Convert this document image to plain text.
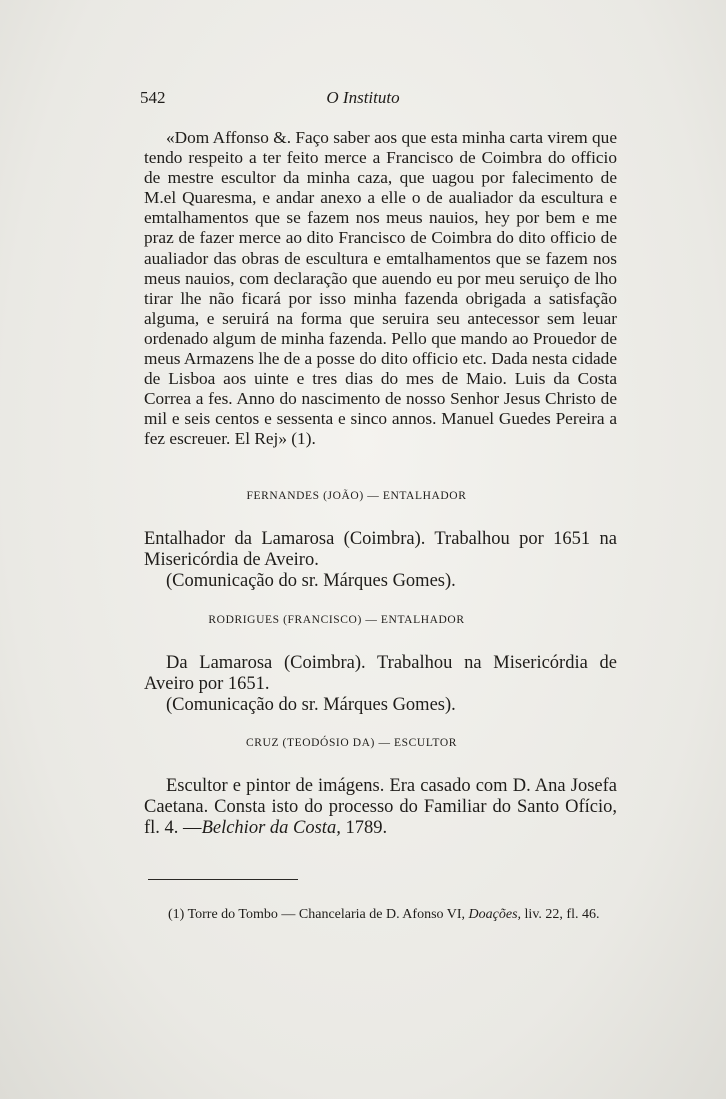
542	O Instituto

«Dom Affonso &. Faço saber aos que esta minha carta virem que tendo respeito a ter feito merce a Francisco de Coimbra do officio de mestre escultor da minha caza, que uagou por falecimento de M.el Quaresma, e andar anexo a elle o de aualiador da escultura e emtalhamentos que se fazem nos meus nauios, hey por bem e me praz de fazer merce ao dito Francisco de Coimbra do dito officio de aualiador das obras de escultura e emtalhamentos que se fazem nos meus nauios, com declaração que auendo eu por meu seruiço de lho tirar lhe não ficará por isso minha fazenda obrigada a satisfação alguma, e seruirá na forma que seruira seu antecessor sem leuar ordenado algum de minha fazenda. Pello que mando ao Prouedor de meus Armazens lhe de a posse do dito officio etc. Dada nesta cidade de Lisboa aos uinte e tres dias do mes de Maio. Luis da Costa Correa a fes. Anno do nascimento de nosso Senhor Jesus Christo de mil e seis centos e sessenta e sinco annos. Manuel Guedes Pereira a fez escreuer. El Rej» (1).

FERNANDES (JOÃO) — ENTALHADOR

Entalhador da Lamarosa (Coimbra). Trabalhou por 1651 na Misericórdia de Aveiro.

(Comunicação do sr. Márques Gomes).

RODRIGUES (FRANCISCO) — ENTALHADOR

Da Lamarosa (Coimbra). Trabalhou na Misericórdia de Aveiro por 1651.

(Comunicação do sr. Márques Gomes).

CRUZ (TEODÓSIO DA) — ESCULTOR

Escultor e pintor de imágens. Era casado com D. Ana Josefa Caetana. Consta isto do processo do Familiar do Santo Ofício, fl. 4. —Belchior da Costa, 1789.

(1) Torre do Tombo — Chancelaria de D. Afonso VI, Doações, liv. 22, fl. 46.
